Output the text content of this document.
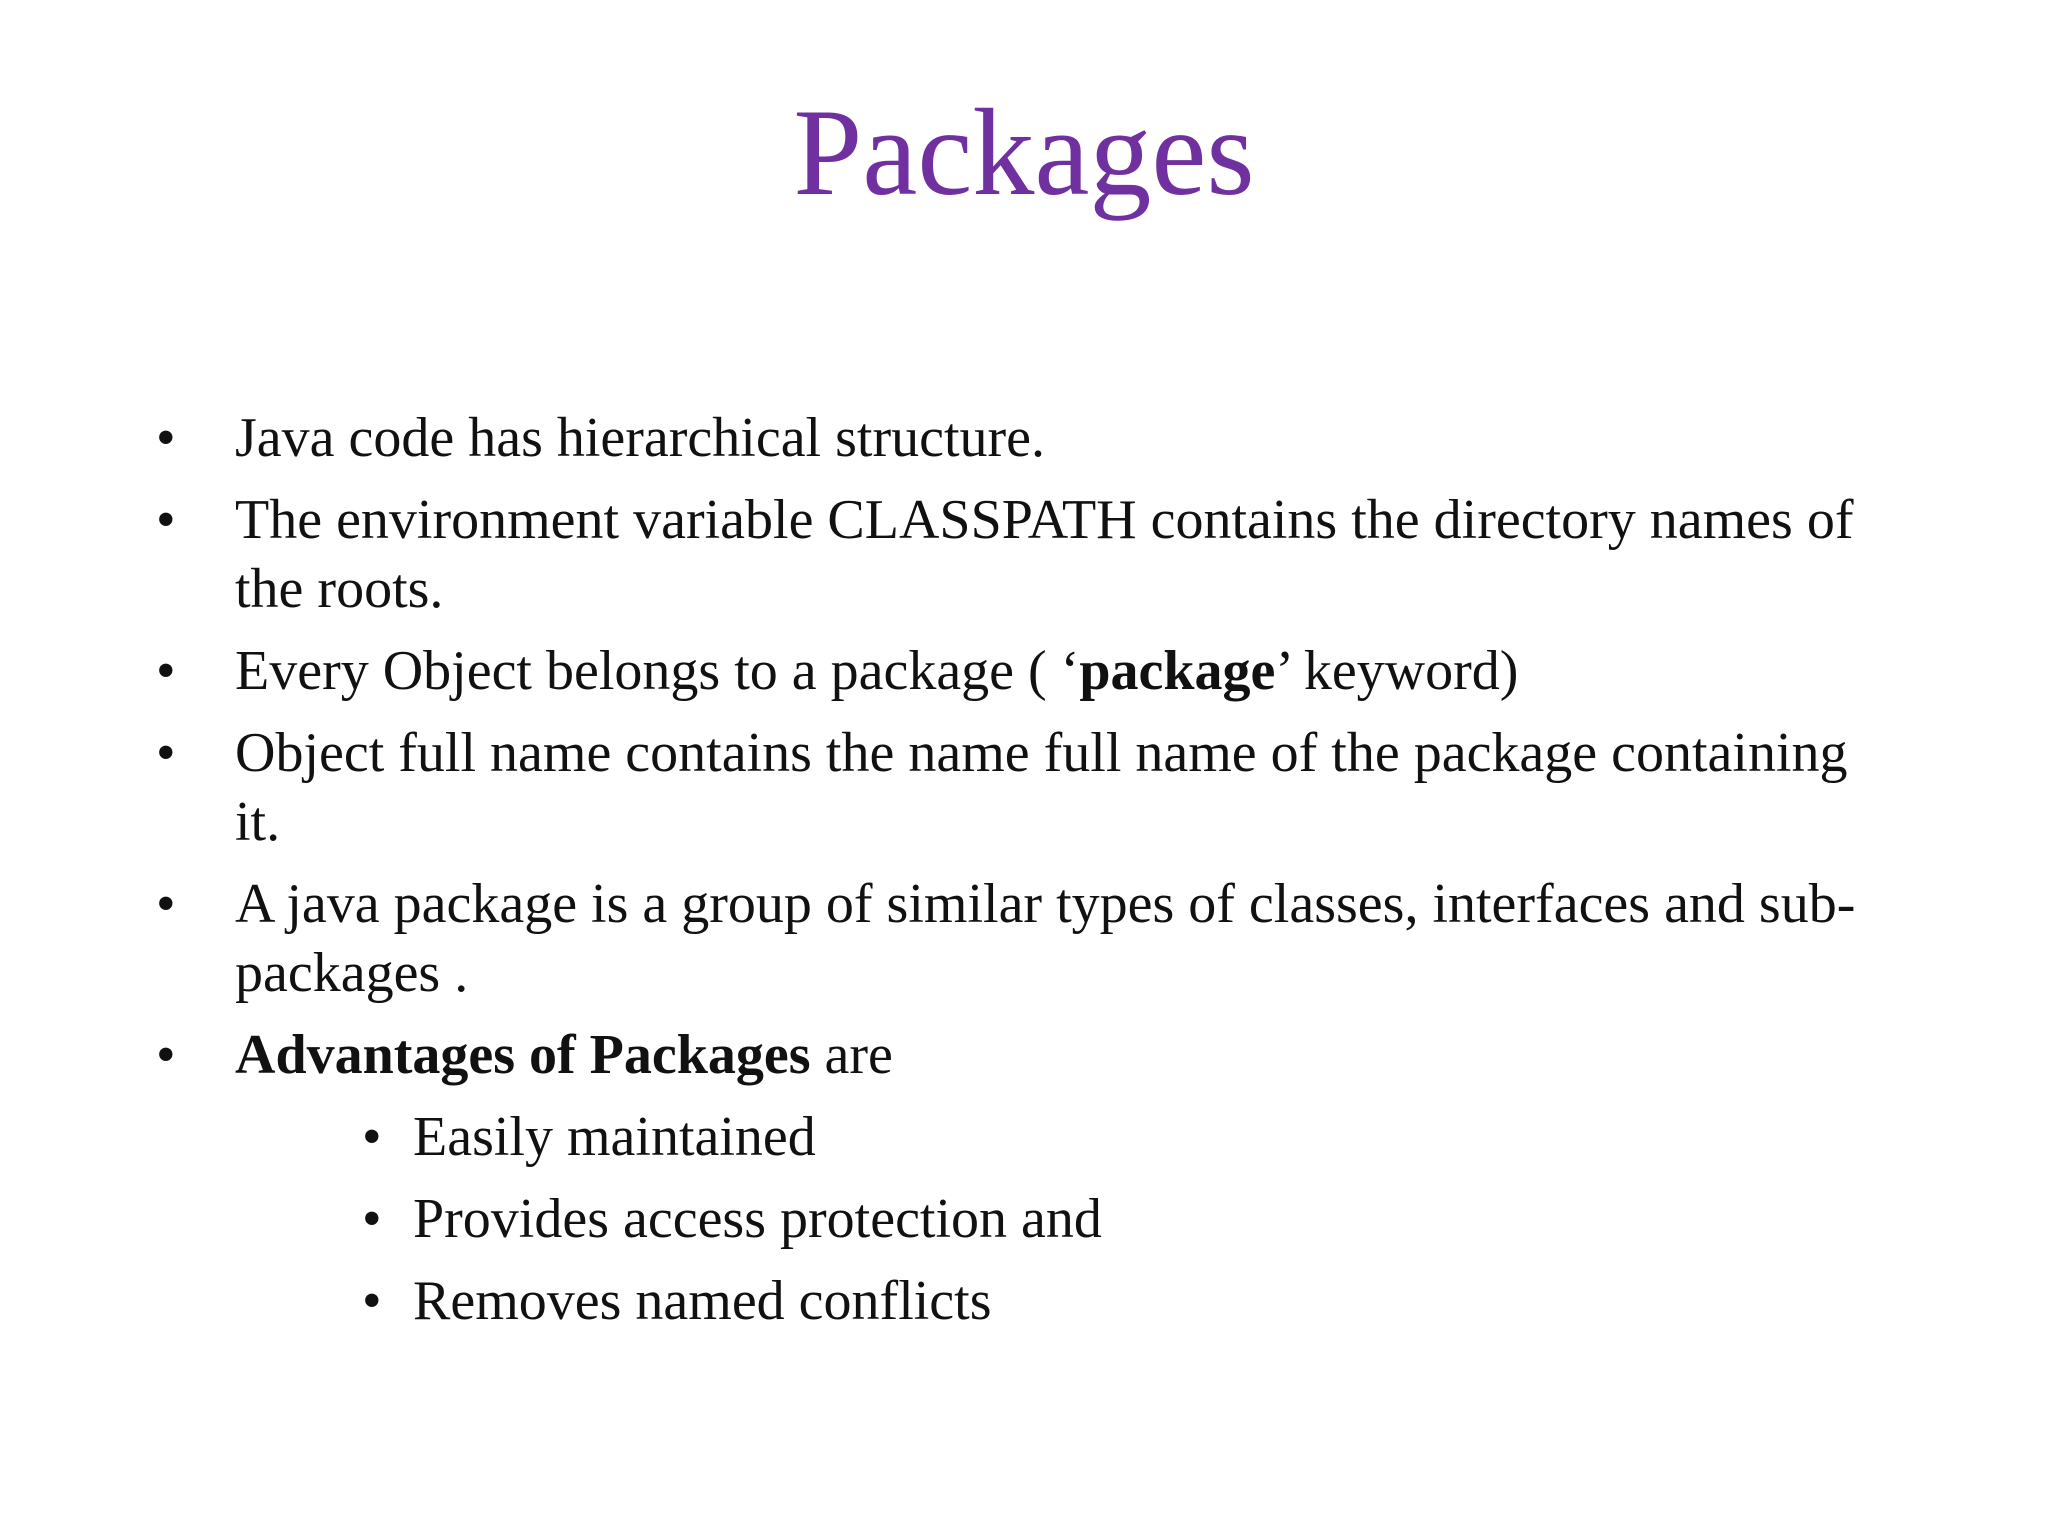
Packages
• Java code has hierarchical structure.
• The environment variable CLASSPATH contains the directory names of the roots.
• Every Object belongs to a package ( ‘package’ keyword)
• Object full name contains the name full name of the package containing it.
• A java package is a group of similar types of classes, interfaces and sub-packages .
• Advantages of Packages are
• Easily maintained
• Provides access protection and
• Removes named conflicts
